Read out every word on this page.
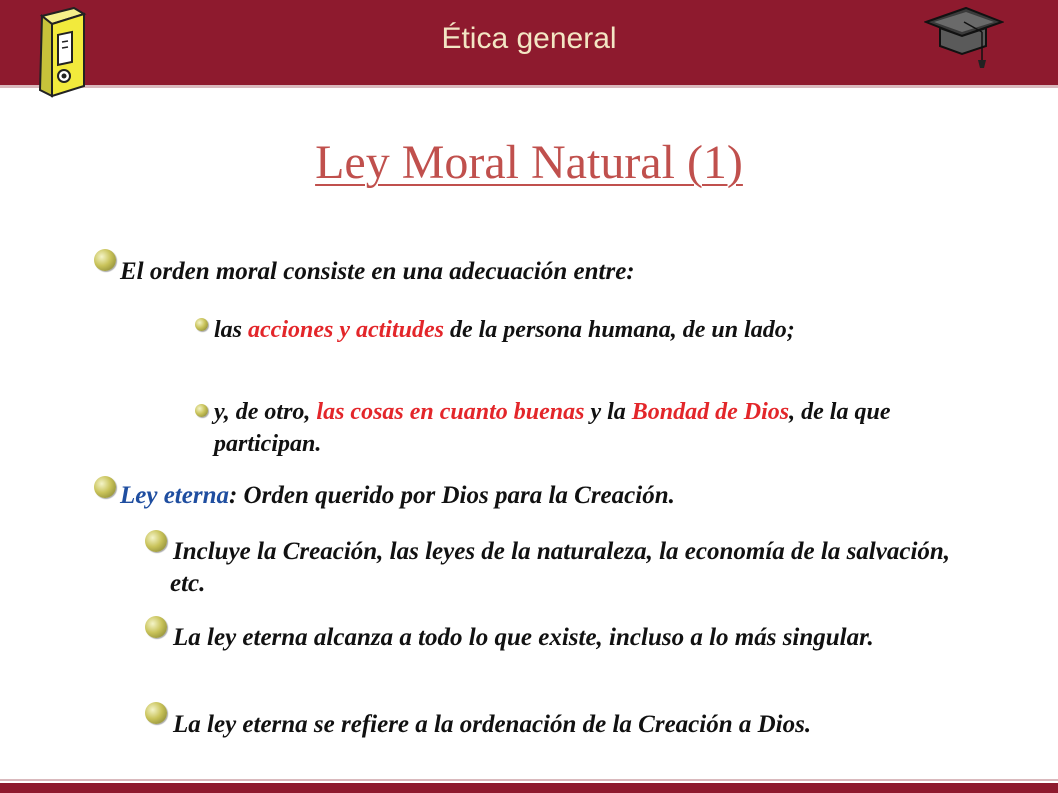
Ética general
Ley Moral Natural (1)
El orden moral consiste en una adecuación entre:
las acciones y actitudes de la persona humana, de un lado;
y, de otro, las cosas en cuanto buenas y la Bondad de Dios, de la que participan.
Ley eterna: Orden querido por Dios para la Creación.
Incluye la Creación, las leyes de la naturaleza, la economía de la salvación, etc.
La ley eterna alcanza a todo lo que existe, incluso a lo más singular.
La ley eterna se refiere a la ordenación de la Creación a Dios.
